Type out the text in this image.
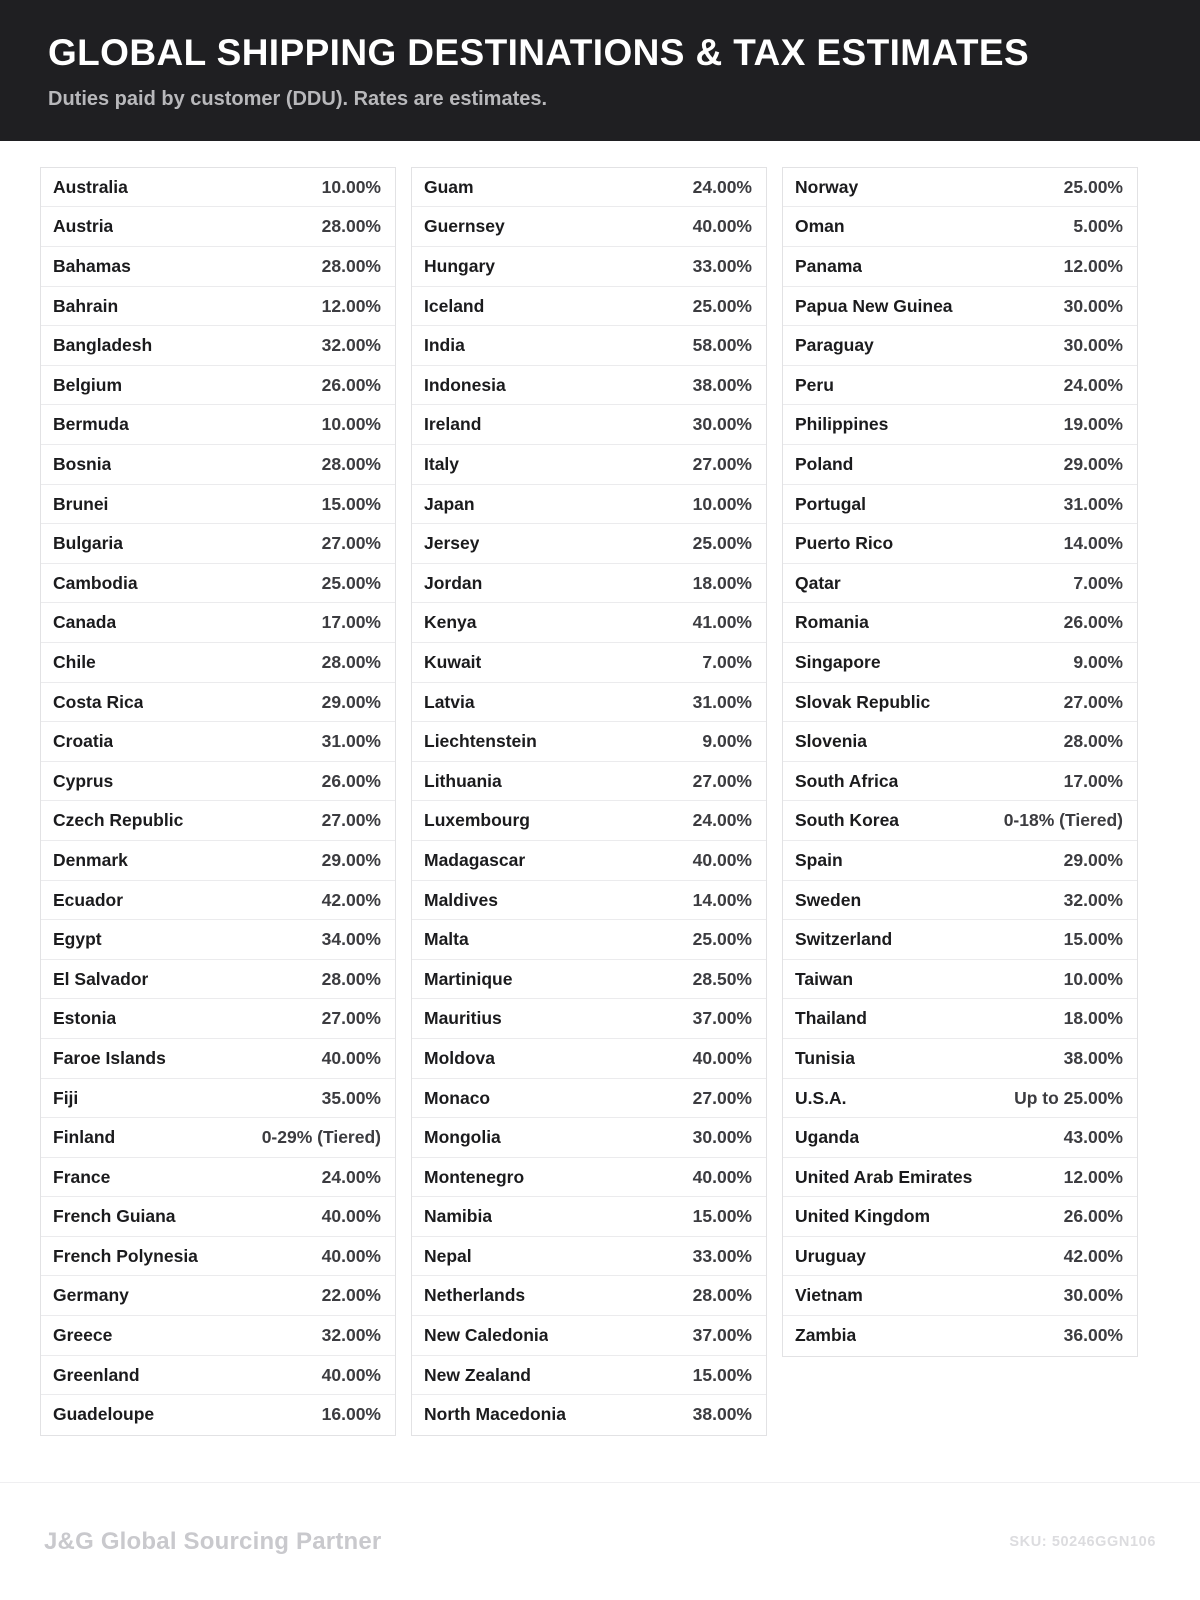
GLOBAL SHIPPING DESTINATIONS & TAX ESTIMATES

Duties paid by customer (DDU). Rates are estimates.

Australia	10.00%
Austria	28.00%
Bahamas	28.00%
Bahrain	12.00%
Bangladesh	32.00%
Belgium	26.00%
Bermuda	10.00%
Bosnia	28.00%
Brunei	15.00%
Bulgaria	27.00%
Cambodia	25.00%
Canada	17.00%
Chile	28.00%
Costa Rica	29.00%
Croatia	31.00%
Cyprus	26.00%
Czech Republic	27.00%
Denmark	29.00%
Ecuador	42.00%
Egypt	34.00%
El Salvador	28.00%
Estonia	27.00%
Faroe Islands	40.00%
Fiji	35.00%
Finland	0-29% (Tiered)
France	24.00%
French Guiana	40.00%
French Polynesia	40.00%
Germany	22.00%
Greece	32.00%
Greenland	40.00%
Guadeloupe	16.00%
Guam	24.00%
Guernsey	40.00%
Hungary	33.00%
Iceland	25.00%
India	58.00%
Indonesia	38.00%
Ireland	30.00%
Italy	27.00%
Japan	10.00%
Jersey	25.00%
Jordan	18.00%
Kenya	41.00%
Kuwait	7.00%
Latvia	31.00%
Liechtenstein	9.00%
Lithuania	27.00%
Luxembourg	24.00%
Madagascar	40.00%
Maldives	14.00%
Malta	25.00%
Martinique	28.50%
Mauritius	37.00%
Moldova	40.00%
Monaco	27.00%
Mongolia	30.00%
Montenegro	40.00%
Namibia	15.00%
Nepal	33.00%
Netherlands	28.00%
New Caledonia	37.00%
New Zealand	15.00%
North Macedonia	38.00%
Norway	25.00%
Oman	5.00%
Panama	12.00%
Papua New Guinea	30.00%
Paraguay	30.00%
Peru	24.00%
Philippines	19.00%
Poland	29.00%
Portugal	31.00%
Puerto Rico	14.00%
Qatar	7.00%
Romania	26.00%
Singapore	9.00%
Slovak Republic	27.00%
Slovenia	28.00%
South Africa	17.00%
South Korea	0-18% (Tiered)
Spain	29.00%
Sweden	32.00%
Switzerland	15.00%
Taiwan	10.00%
Thailand	18.00%
Tunisia	38.00%
U.S.A.	Up to 25.00%
Uganda	43.00%
United Arab Emirates	12.00%
United Kingdom	26.00%
Uruguay	42.00%
Vietnam	30.00%
Zambia	36.00%
J&G Global Sourcing Partner	SKU: 50246GGN106
